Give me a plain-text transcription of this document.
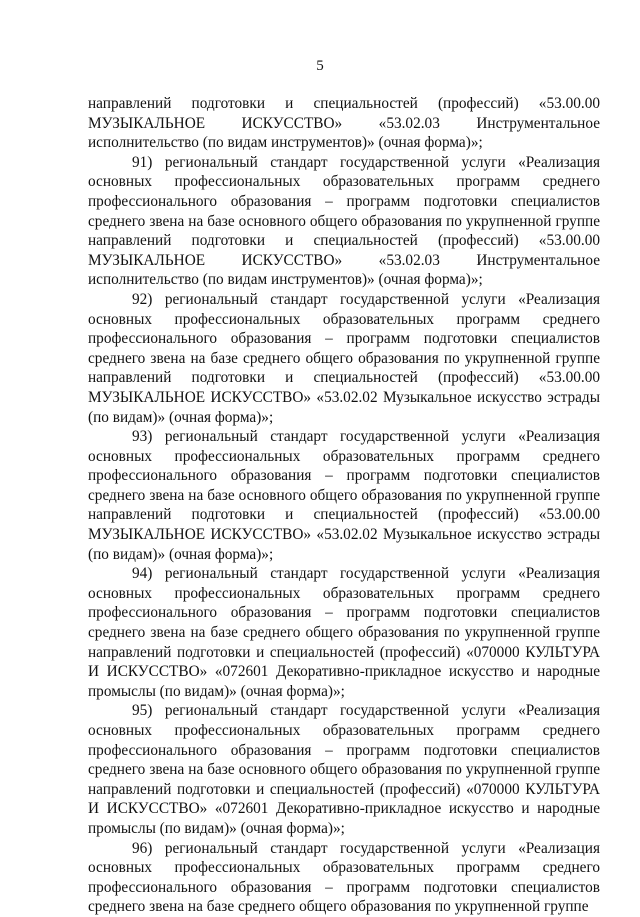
5

направлений подготовки и специальностей (профессий) «53.00.00 МУЗЫКАЛЬНОЕ ИСКУССТВО» «53.02.03 Инструментальное исполнительство (по видам инструментов)» (очная форма)»;

91) региональный стандарт государственной услуги «Реализация основных профессиональных образовательных программ среднего профессионального образования – программ подготовки специалистов среднего звена на базе основного общего образования по укрупненной группе направлений подготовки и специальностей (профессий) «53.00.00 МУЗЫКАЛЬНОЕ ИСКУССТВО» «53.02.03 Инструментальное исполнительство (по видам инструментов)» (очная форма)»;

92) региональный стандарт государственной услуги «Реализация основных профессиональных образовательных программ среднего профессионального образования – программ подготовки специалистов среднего звена на базе среднего общего образования по укрупненной группе направлений подготовки и специальностей (профессий) «53.00.00 МУЗЫКАЛЬНОЕ ИСКУССТВО» «53.02.02 Музыкальное искусство эстрады (по видам)» (очная форма)»;

93) региональный стандарт государственной услуги «Реализация основных профессиональных образовательных программ среднего профессионального образования – программ подготовки специалистов среднего звена на базе основного общего образования по укрупненной группе направлений подготовки и специальностей (профессий) «53.00.00 МУЗЫКАЛЬНОЕ ИСКУССТВО» «53.02.02 Музыкальное искусство эстрады (по видам)» (очная форма)»;

94) региональный стандарт государственной услуги «Реализация основных профессиональных образовательных программ среднего профессионального образования – программ подготовки специалистов среднего звена на базе среднего общего образования по укрупненной группе направлений подготовки и специальностей (профессий) «070000 КУЛЬТУРА И ИСКУССТВО» «072601 Декоративно-прикладное искусство и народные промыслы (по видам)» (очная форма)»;

95) региональный стандарт государственной услуги «Реализация основных профессиональных образовательных программ среднего профессионального образования – программ подготовки специалистов среднего звена на базе основного общего образования по укрупненной группе направлений подготовки и специальностей (профессий) «070000 КУЛЬТУРА И ИСКУССТВО» «072601 Декоративно-прикладное искусство и народные промыслы (по видам)» (очная форма)»;

96) региональный стандарт государственной услуги «Реализация основных профессиональных образовательных программ среднего профессионального образования – программ подготовки специалистов среднего звена на базе среднего общего образования по укрупненной группе
